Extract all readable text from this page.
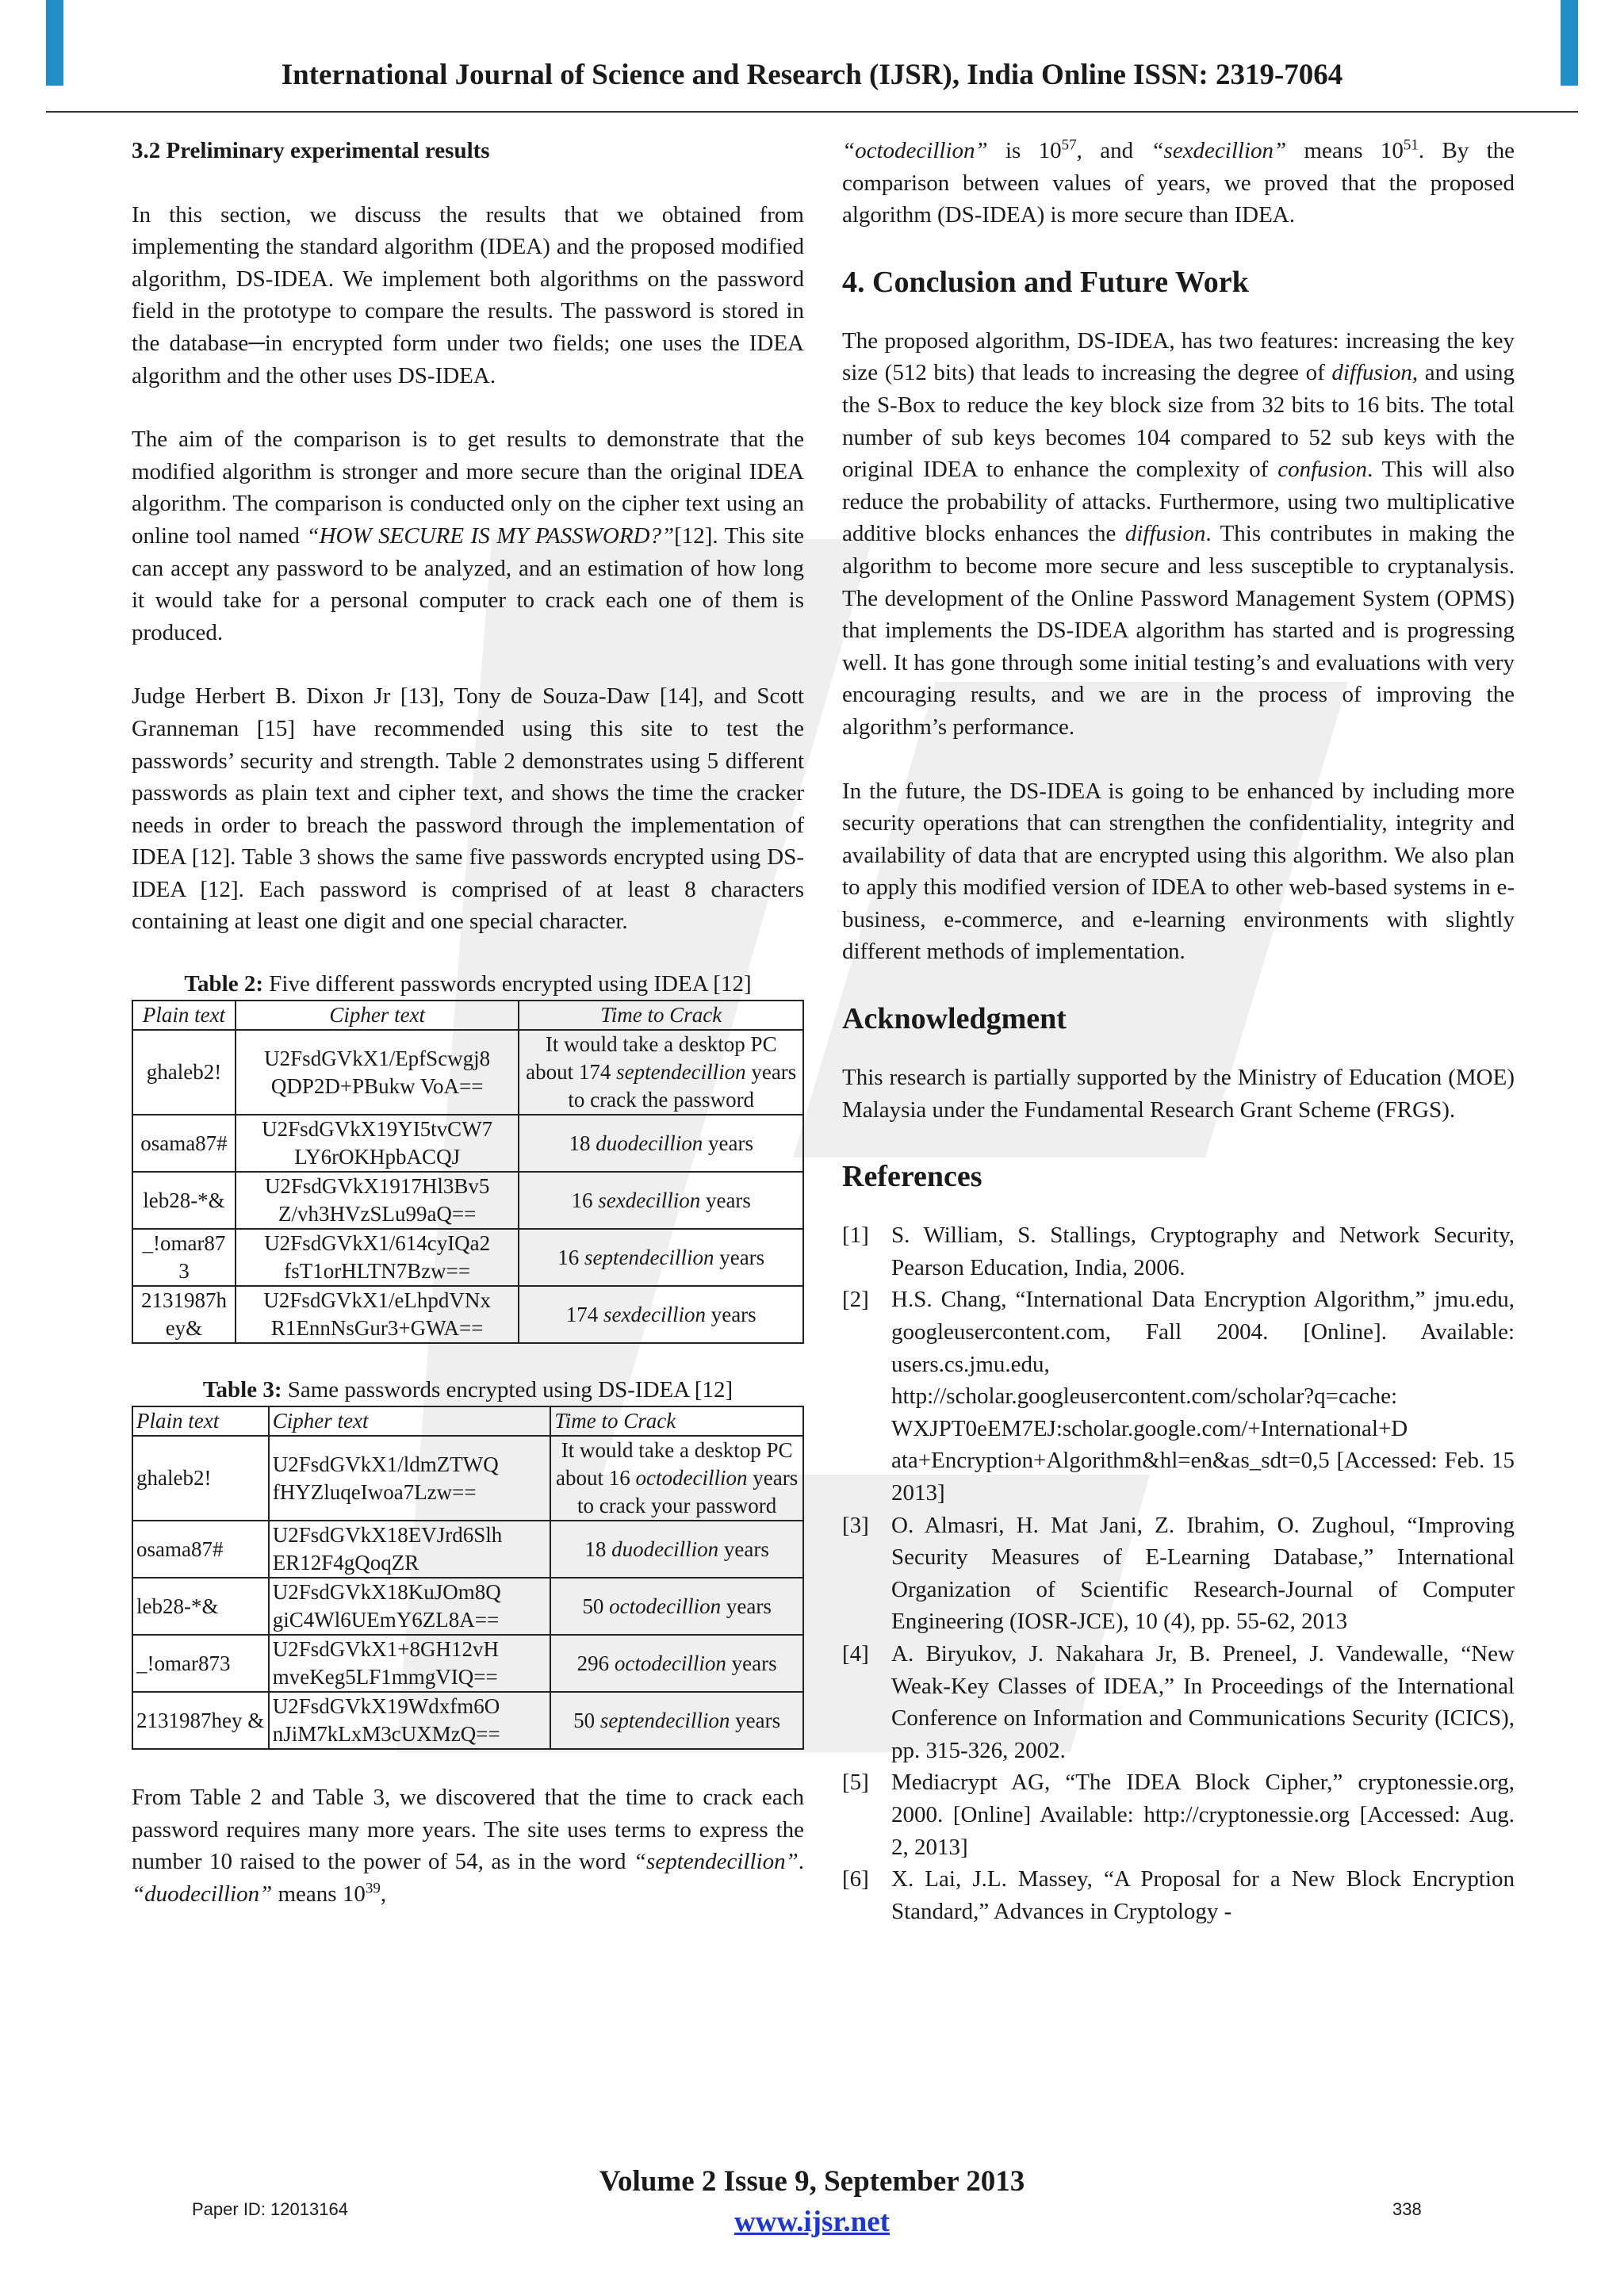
International Journal of Science and Research (IJSR), India Online ISSN: 2319-7064
3.2 Preliminary experimental results

In this section, we discuss the results that we obtained from implementing the standard algorithm (IDEA) and the proposed modified algorithm, DS-IDEA. We implement both algorithms on the password field in the prototype to compare the results. The password is stored in the database─in encrypted form under two fields; one uses the IDEA algorithm and the other uses DS-IDEA.

The aim of the comparison is to get results to demonstrate that the modified algorithm is stronger and more secure than the original IDEA algorithm. The comparison is conducted only on the cipher text using an online tool named “HOW SECURE IS MY PASSWORD?”[12]. This site can accept any password to be analyzed, and an estimation of how long it would take for a personal computer to crack each one of them is produced.

Judge Herbert B. Dixon Jr [13], Tony de Souza-Daw [14], and Scott Granneman [15] have recommended using this site to test the passwords’ security and strength. Table 2 demonstrates using 5 different passwords as plain text and cipher text, and shows the time the cracker needs in order to breach the password through the implementation of IDEA [12]. Table 3 shows the same five passwords encrypted using DS-IDEA [12]. Each password is comprised of at least 8 characters containing at least one digit and one special character.

Table 2: Five different passwords encrypted using IDEA [12]
Plain text	Cipher text	Time to Crack
ghaleb2!	U2FsdGVkX1/EpfScwgj8 QDP2D+PBukw VoA==	It would take a desktop PC about 174 septendecillion years to crack the password
osama87#	U2FsdGVkX19YI5tvCW7 LY6rOKHpbACQJ	18 duodecillion years
leb28-*&	U2FsdGVkX1917Hl3Bv5 Z/vh3HVzSLu99aQ==	16 sexdecillion years
_!omar87 3	U2FsdGVkX1/614cyIQa2 fsT1orHLTN7Bzw==	16 septendecillion years
2131987h ey&	U2FsdGVkX1/eLhpdVNx R1EnnNsGur3+GWA==	174 sexdecillion years
Table 3: Same passwords encrypted using DS-IDEA [12]
Plain text	Cipher text	Time to Crack
ghaleb2!	U2FsdGVkX1/ldmZTWQ fHYZluqeIwoa7Lzw==	It would take a desktop PC about 16 octodecillion years to crack your password
osama87#	U2FsdGVkX18EVJrd6Slh ER12F4gQoqZR	18 duodecillion years
leb28-*&	U2FsdGVkX18KuJOm8Q giC4Wl6UEmY6ZL8A==	50 octodecillion years
_!omar873	U2FsdGVkX1+8GH12vH mveKeg5LF1mmgVIQ==	296 octodecillion years
2131987hey &	U2FsdGVkX19Wdxfm6O nJiM7kLxM3cUXMzQ==	50 septendecillion years

From Table 2 and Table 3, we discovered that the time to crack each password requires many more years. The site uses terms to express the number 10 raised to the power of 54, as in the word “septendecillion”. “duodecillion” means $10^{39}$,

“octodecillion” is $10^{57}$, and “sexdecillion” means $10^{51}$. By the comparison between values of years, we proved that the proposed algorithm (DS-IDEA) is more secure than IDEA.

4. Conclusion and Future Work

The proposed algorithm, DS-IDEA, has two features: increasing the key size (512 bits) that leads to increasing the degree of diffusion, and using the S-Box to reduce the key block size from 32 bits to 16 bits. The total number of sub keys becomes 104 compared to 52 sub keys with the original IDEA to enhance the complexity of confusion. This will also reduce the probability of attacks. Furthermore, using two multiplicative additive blocks enhances the diffusion. This contributes in making the algorithm to become more secure and less susceptible to cryptanalysis. The development of the Online Password Management System (OPMS) that implements the DS-IDEA algorithm has started and is progressing well. It has gone through some initial testing’s and evaluations with very encouraging results, and we are in the process of improving the algorithm’s performance.

In the future, the DS-IDEA is going to be enhanced by including more security operations that can strengthen the confidentiality, integrity and availability of data that are encrypted using this algorithm. We also plan to apply this modified version of IDEA to other web-based systems in e-business, e-commerce, and e-learning environments with slightly different methods of implementation.

Acknowledgment

This research is partially supported by the Ministry of Education (MOE) Malaysia under the Fundamental Research Grant Scheme (FRGS).

References
[1] S. William, S. Stallings, Cryptography and Network Security, Pearson Education, India, 2006.
[2] H.S. Chang, “International Data Encryption Algorithm,” jmu.edu, googleusercontent.com, Fall 2004. [Online]. Available: users.cs.jmu.edu,
http://scholar.googleusercontent.com/scholar?q=cache: WXJPT0eEM7EJ:scholar.google.com/+International+D ata+Encryption+Algorithm&hl=en&as_sdt=0,5 [Accessed: Feb. 15 2013]
[3] O. Almasri, H. Mat Jani, Z. Ibrahim, O. Zughoul, “Improving Security Measures of E-Learning Database,” International Organization of Scientific Research-Journal of Computer Engineering (IOSR-JCE), 10 (4), pp. 55-62, 2013
[4] A. Biryukov, J. Nakahara Jr, B. Preneel, J. Vandewalle, “New Weak-Key Classes of IDEA,” In Proceedings of the International Conference on Information and Communications Security (ICICS), pp. 315-326, 2002.
[5] Mediacrypt AG, “The IDEA Block Cipher,” cryptonessie.org, 2000. [Online] Available: http://cryptonessie.org [Accessed: Aug. 2, 2013]
[6] X. Lai, J.L. Massey, “A Proposal for a New Block Encryption Standard,” Advances in Cryptology -
Volume 2 Issue 9, September 2013
www.ijsr.net
Paper ID: 12013164	338
